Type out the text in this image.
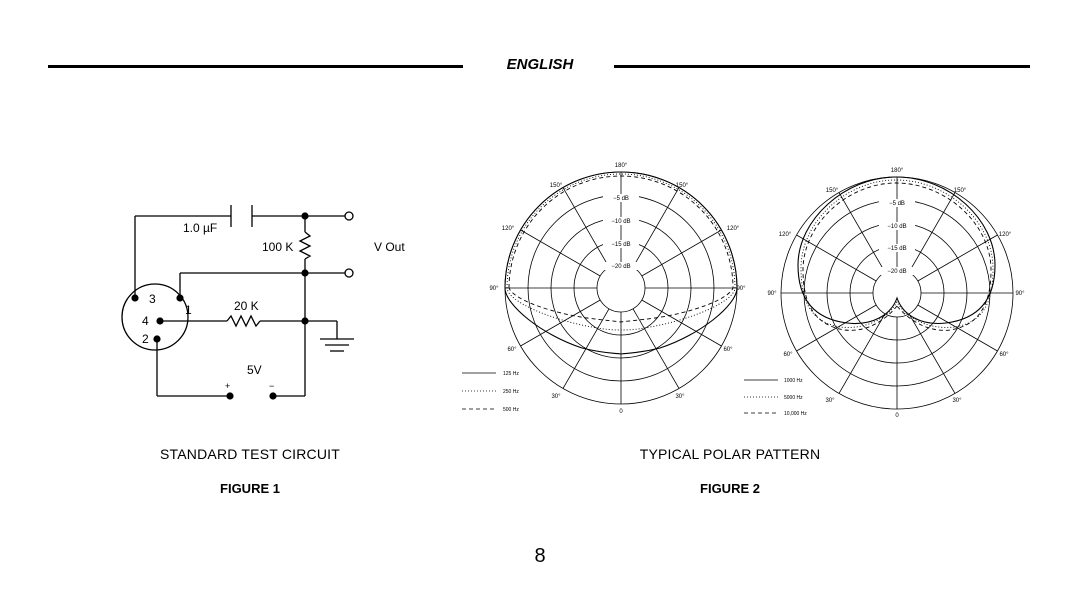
ENGLISH
1.0 µF
100 K	V Out
20 K
5V
+	−
3
1
4
2
STANDARD TEST CIRCUIT
FIGURE 1
180°
150°	150°
120°	120°
90°	90°
60°	60°
30°	30°
0
−5 dB
−10 dB
−15 dB
−20 dB
125 Hz
250 Hz
500 Hz
180°
150°	150°
120°	120°
90°	90°
60°	60°
30°	30°
0
−5 dB
−10 dB
−15 dB
−20 dB
1000 Hz
5000 Hz
10,000 Hz
TYPICAL POLAR PATTERN
FIGURE 2
8
